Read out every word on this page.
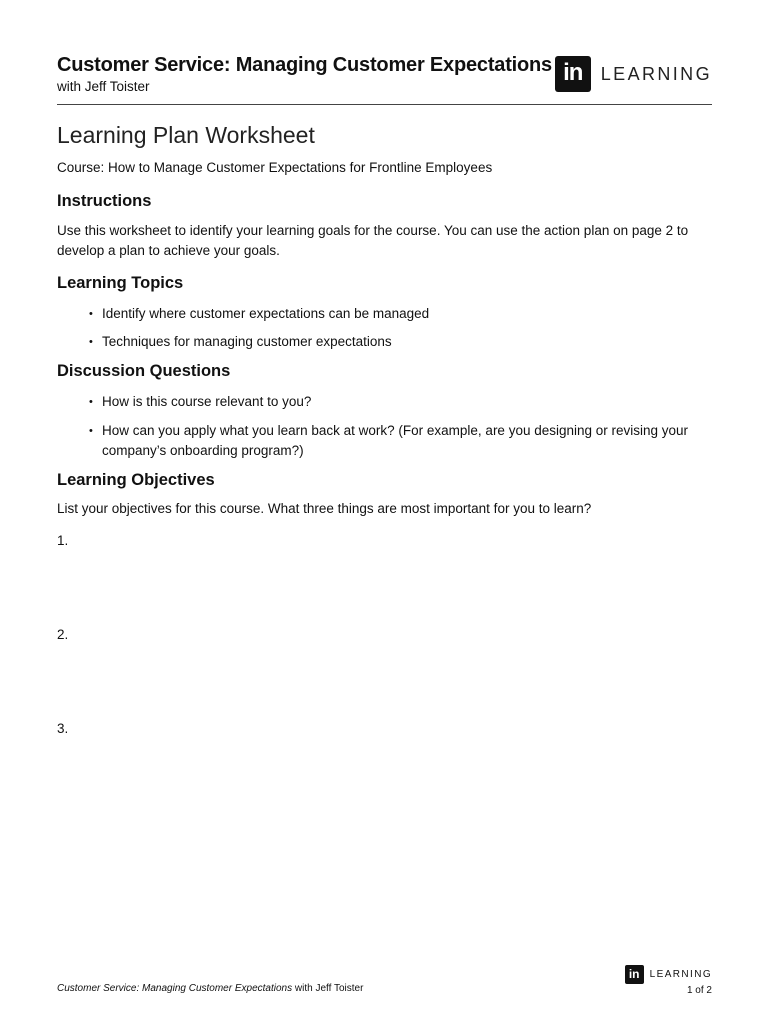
Customer Service: Managing Customer Expectations
with Jeff Toister
in LEARNING
Learning Plan Worksheet
Course: How to Manage Customer Expectations for Frontline Employees
Instructions
Use this worksheet to identify your learning goals for the course. You can use the action plan on page 2 to develop a plan to achieve your goals.
Learning Topics
• Identify where customer expectations can be managed
• Techniques for managing customer expectations
Discussion Questions
• How is this course relevant to you?
• How can you apply what you learn back at work? (For example, are you designing or revising your company’s onboarding program?)
Learning Objectives
List your objectives for this course. What three things are most important for you to learn?
1.
2.
3.
Customer Service: Managing Customer Expectations with Jeff Toister
in LEARNING
1 of 2
